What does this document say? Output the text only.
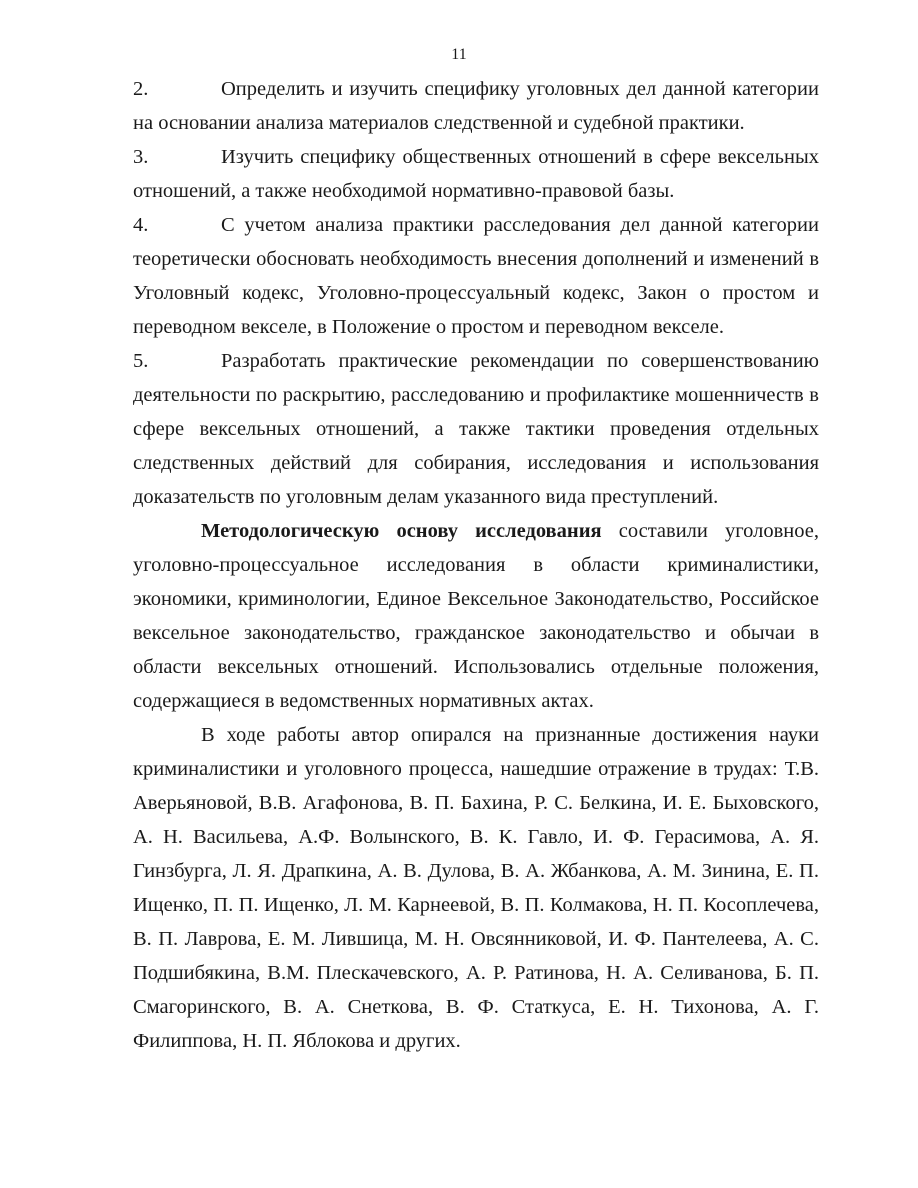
11

2.	Определить и изучить специфику уголовных дел данной категории на основании анализа материалов следственной и судебной практики.

3.	Изучить специфику общественных отношений в сфере вексельных отношений, а также необходимой нормативно-правовой базы.

4.	С учетом анализа практики расследования дел данной категории теоретически обосновать необходимость внесения дополнений и изменений в Уголовный кодекс, Уголовно-процессуальный кодекс, Закон о простом и переводном векселе, в Положение о простом и переводном векселе.

5.	Разработать практические рекомендации по совершенствованию деятельности по раскрытию, расследованию и профилактике мошенничеств в сфере вексельных отношений, а также тактики проведения отдельных следственных действий для собирания, исследования и использования доказательств по уголовным делам указанного вида преступлений.

Методологическую основу исследования составили уголовное, уголовно-процессуальное исследования в области криминалистики, экономики, криминологии, Единое Вексельное Законодательство, Российское вексельное законодательство, гражданское законодательство и обычаи в области вексельных отношений. Использовались отдельные положения, содержащиеся в ведомственных нормативных актах.

В ходе работы автор опирался на признанные достижения науки криминалистики и уголовного процесса, нашедшие отражение в трудах: Т.В. Аверьяновой, В.В. Агафонова, В. П. Бахина, Р. С. Белкина, И. Е. Быховского, А. Н. Васильева, А.Ф. Волынского, В. К. Гавло, И. Ф. Герасимова, А. Я. Гинзбурга, Л. Я. Драпкина, А. В. Дулова, В. А. Жбанкова, А. М. Зинина, Е. П. Ищенко, П. П. Ищенко, Л. М. Карнеевой, В. П. Колмакова, Н. П. Косоплечева, В. П. Лаврова, Е. М. Лившица, М. Н. Овсянниковой, И. Ф. Пантелеева, А. С. Подшибякина, В.М. Плескачевского, А. Р. Ратинова, Н. А. Селиванова, Б. П. Смагоринского, В. А. Снеткова, В. Ф. Статкуса, Е. Н. Тихонова, А. Г. Филиппова, Н. П. Яблокова и других.
